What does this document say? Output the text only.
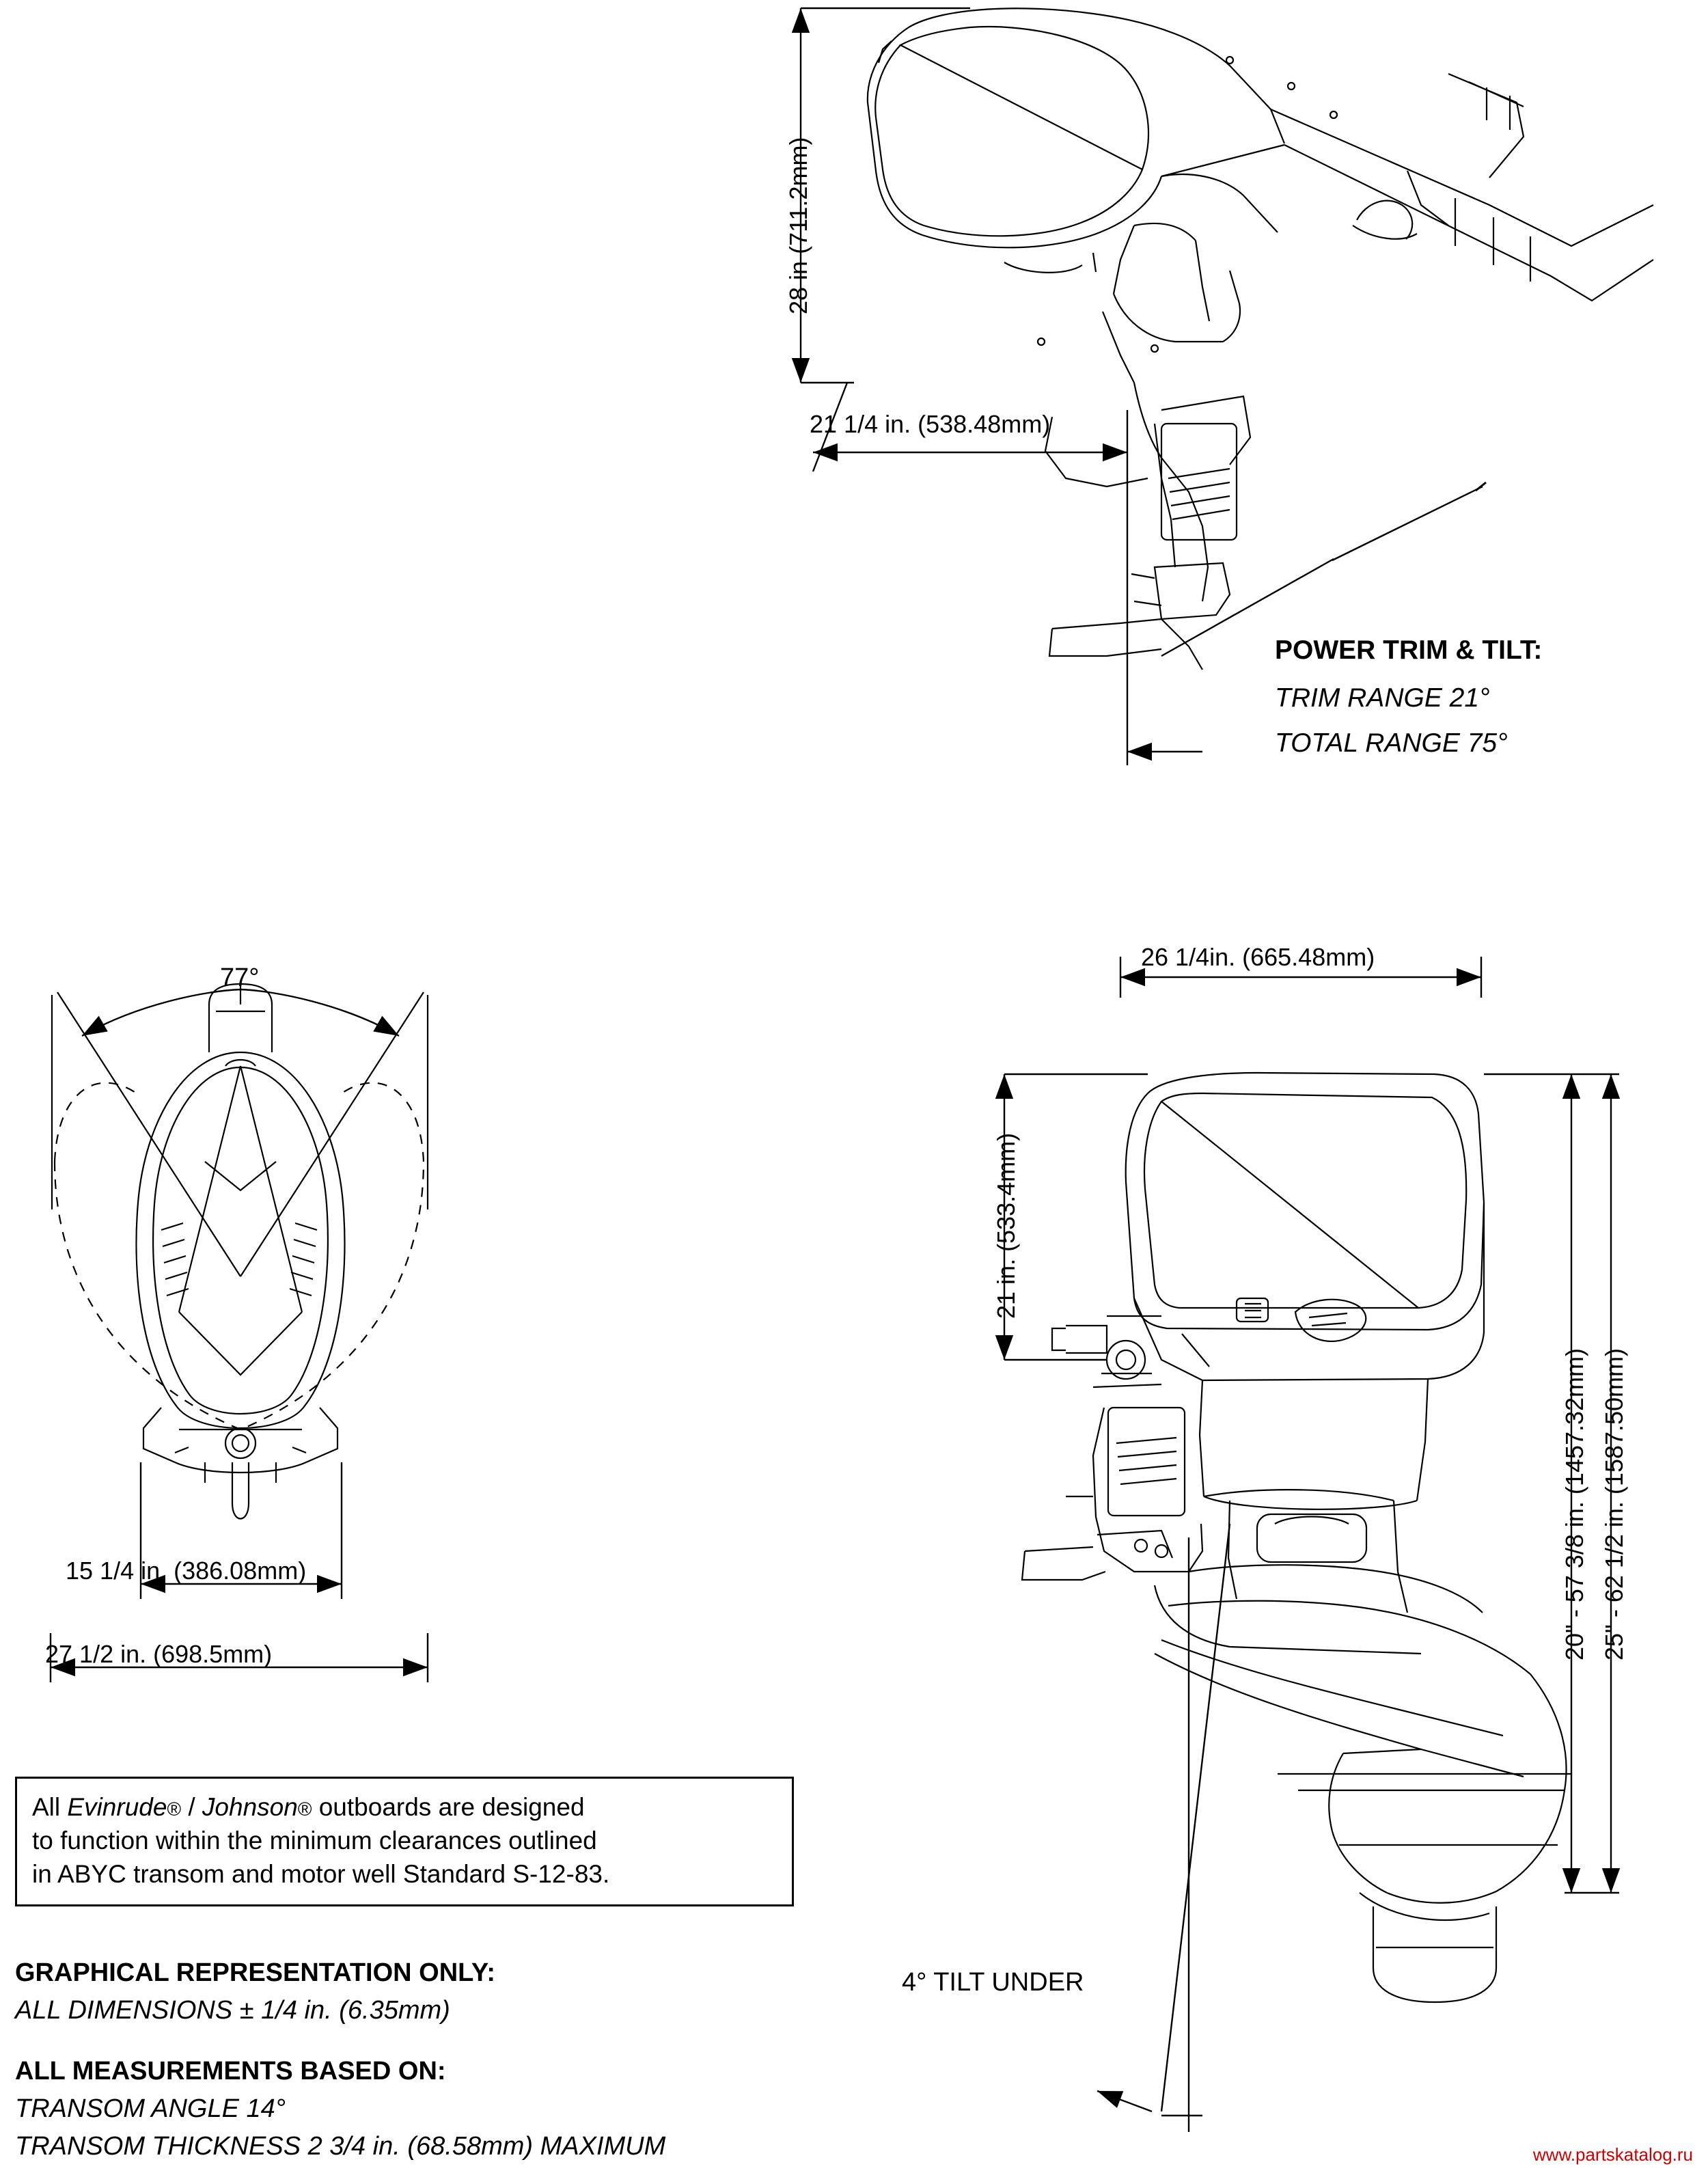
28 in (711.2mm)
21 1/4 in. (538.48mm)
POWER TRIM & TILT:
TRIM RANGE 21°
TOTAL RANGE 75°
77°
15 1/4 in. (386.08mm)
27 1/2 in. (698.5mm)
26 1/4in. (665.48mm)
21 in. (533.4mm)
20" - 57 3/8 in. (1457.32mm) 25" - 62 1/2 in. (1587.50mm)
4° TILT UNDER
All Evinrude® / Johnson® outboards are designed
to function within the minimum clearances outlined
in ABYC transom and motor well Standard S-12-83.
GRAPHICAL REPRESENTATION ONLY:
ALL DIMENSIONS ± 1/4 in. (6.35mm)
ALL MEASUREMENTS BASED ON:
TRANSOM ANGLE 14°
TRANSOM THICKNESS 2 3/4 in. (68.58mm) MAXIMUM	www.partskatalog.ru
